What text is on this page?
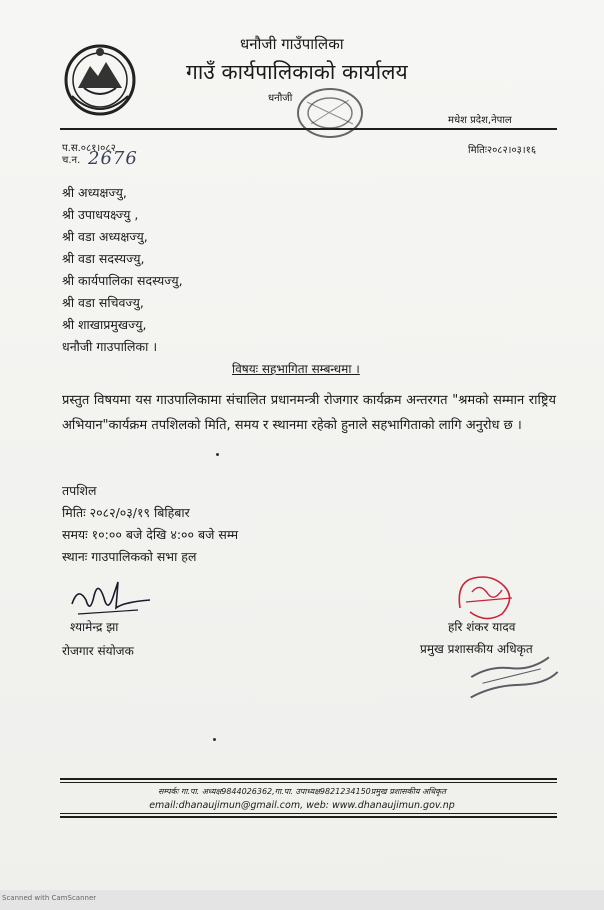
धनौजी गाउँपालिका
गाउँ कार्यपालिकाको कार्यालय
धनौजी
मधेश प्रदेश,नेपाल
प.स.०८१।०८२
च.न. 2676	मितिः२०८२।०३।१६
श्री अध्यक्षज्यु,
श्री उपाधयक्ष्ज्यु ,
श्री वडा अध्यक्षज्यु,
श्री वडा सदस्यज्यु,
श्री कार्यपालिका सदस्यज्यु,
श्री वडा सचिवज्यु,
श्री शाखाप्रमुखज्यु,
धनौजी गाउपालिका ।
विषयः सहभागिता सम्बन्धमा ।
प्रस्तुत विषयमा यस गाउपालिकामा संचालित प्रधानमन्त्री रोजगार कार्यक्रम अन्तरगत "श्रमको सम्मान राष्ट्रिय अभियान"कार्यक्रम तपशिलको मिति, समय र स्थानमा रहेको हुनाले सहभागिताको लागि अनुरोध छ ।
तपशिल
मितिः २०८२/०३/१९ बिहिबार
समयः १०:०० बजे देखि ४:०० बजे सम्म
स्थानः गाउपालिकको सभा हल
श्यामेन्द्र झा
रोजगार संयोजक
हरि शंकर यादव
प्रमुख प्रशासकीय अधिकृत
सम्पर्कः गा.पा. अध्यक्ष9844026362,गा.पा. उपाध्यक्ष9821234150प्रमुख प्रशासकीय अधिकृत
email:dhanaujimun@gmail.com, web: www.dhanaujimun.gov.np
Scanned with CamScanner
